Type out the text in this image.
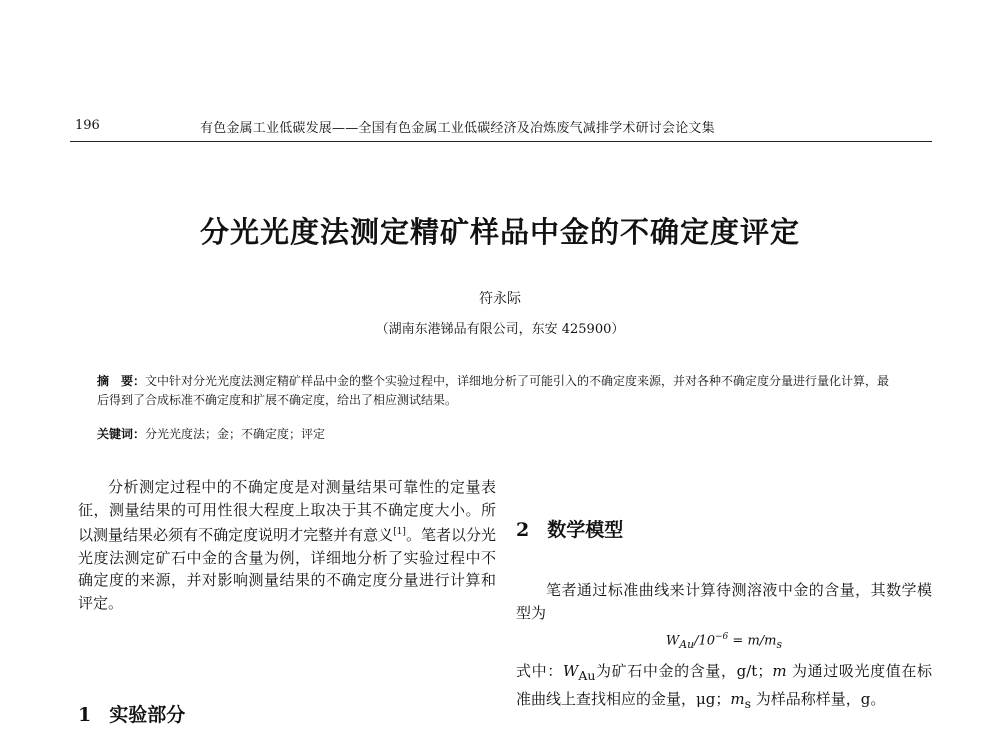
196	有色金属工业低碳发展——全国有色金属工业低碳经济及冶炼废气减排学术研讨会论文集
分光光度法测定精矿样品中金的不确定度评定
符永际
（湖南东港锑品有限公司，东安 425900）
摘　要：文中针对分光光度法测定精矿样品中金的整个实验过程中，详细地分析了可能引入的不确定度来源，并对各种不确定度分量进行量化计算，最后得到了合成标准不确定度和扩展不确定度，给出了相应测试结果。
关键词：分光光度法；金；不确定度；评定

分析测定过程中的不确定度是对测量结果可靠性的定量表征，测量结果的可用性很大程度上取决于其不确定度大小。所以测量结果必须有不确定度说明才完整并有意义[1]。笔者以分光光度法测定矿石中金的含量为例，详细地分析了实验过程中不确定度的来源，并对影响测量结果的不确定度分量进行计算和评定。

1 实验部分
2 数学模型

笔者通过标准曲线来计算待测溶液中金的含量，其数学模型为

$W_{Au}/10^{-6} = m/m_s$

式中：$W_{Au}$为矿石中金的含量，g/t；m 为通过吸光度值在标准曲线上查找相应的金量，μg；$m_s$ 为样品称样量，g。
